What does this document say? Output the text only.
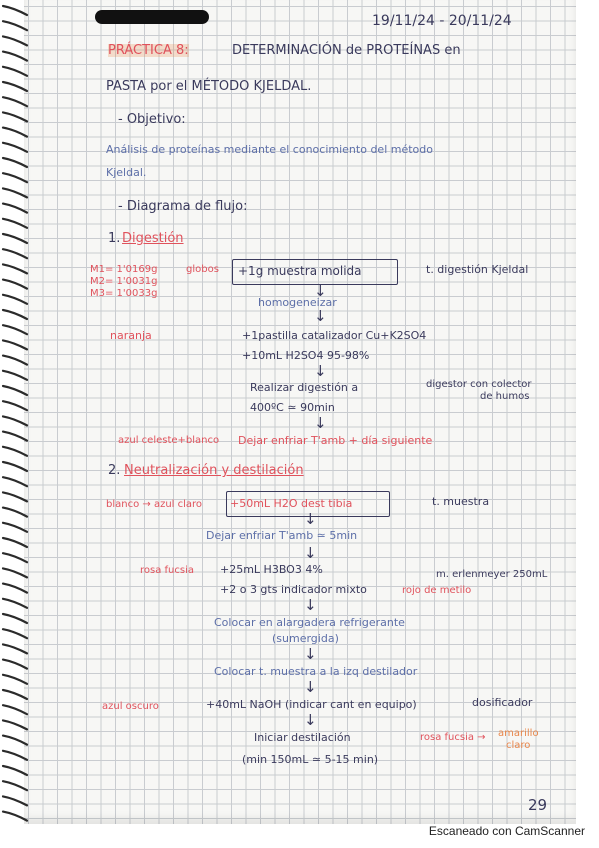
19/11/24 - 20/11/24
PRÁCTICA 8:	DETERMINACIÓN de PROTEÍNAS en
PASTA por el MÉTODO KJELDAL.
- Objetivo:
Análisis de proteínas mediante el conocimiento del método
Kjeldal.
- Diagrama de flujo:
1. Digestión
M1= 1'0169g
M2= 1'0031g
M3= 1'0033g
globos +1g muestra molida	t. digestión Kjeldal
↓
homogeneizar
↓
naranja	+1pastilla catalizador Cu+K2SO4
+10mL H2SO4 95-98%
↓
Realizar digestión a
400ºC ≃ 90min
digestor con colector
de humos
↓
azul celeste+blanco Dejar enfriar T'amb + día siguiente
2. Neutralización y destilación
blanco → azul claro	+50mL H2O dest tibia	t. muestra
↓
Dejar enfriar T'amb ≃ 5min
↓
rosa fucsia +25mL H3BO3 4%	m. erlenmeyer 250mL
+2 o 3 gts indicador mixto	rojo de metilo
↓
Colocar en alargadera refrigerante
(sumergida)
↓
Colocar t. muestra a la izq destilador
↓
azul oscuro	+40mL NaOH (indicar cant en equipo)	dosificador
↓
Iniciar destilación	rosa fucsia → amarillo
claro
(min 150mL ≃ 5-15 min)
29
Escaneado con CamScanner
